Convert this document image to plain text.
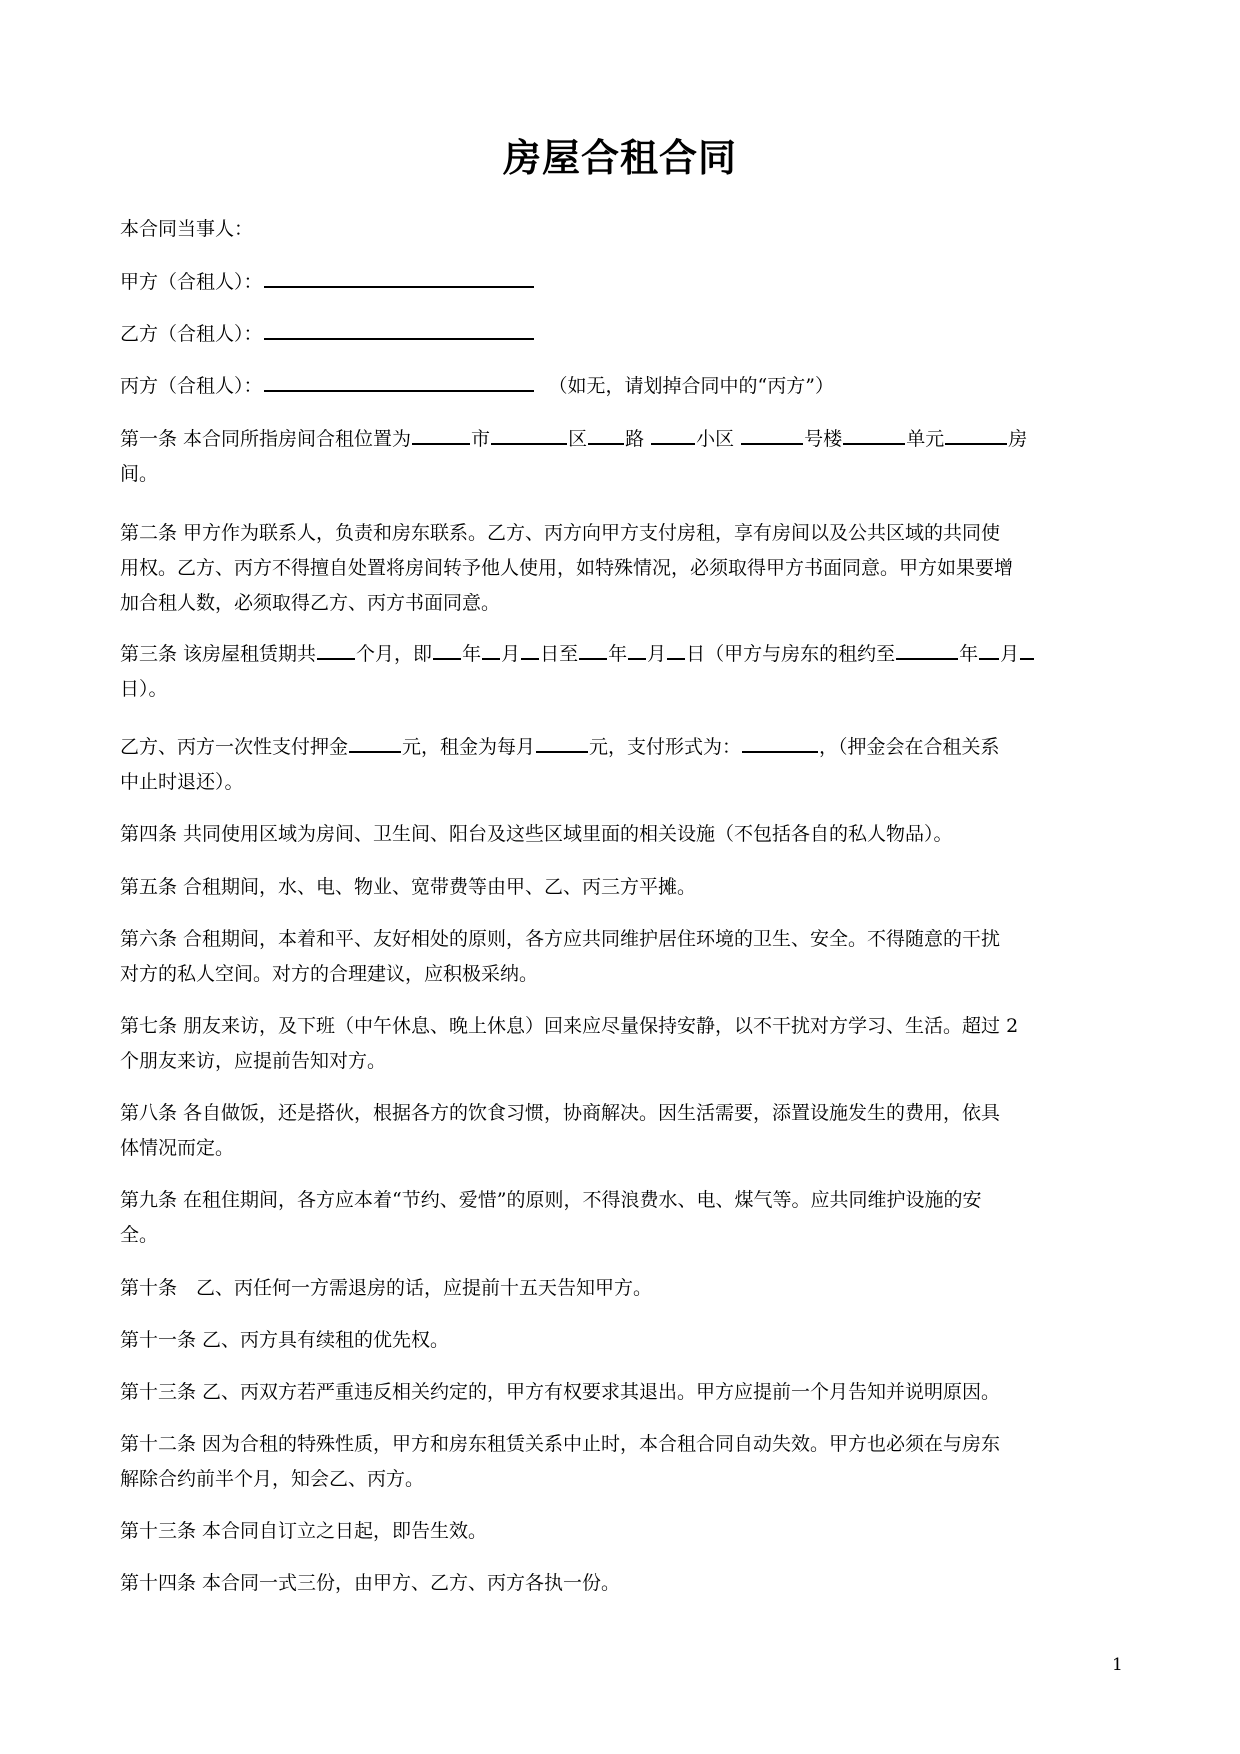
房屋合租合同
本合同当事人：
甲方（合租人）：
乙方（合租人）：
丙方（合租人）：	（如无，请划掉合同中的“丙方”）
第一条 本合同所指房间合租位置为	市	区 路 小区	号楼	单元	房
间。
第二条 甲方作为联系人，负责和房东联系。乙方、丙方向甲方支付房租，享有房间以及公共区域的共同使
用权。乙方、丙方不得擅自处置将房间转予他人使用，如特殊情况，必须取得甲方书面同意。甲方如果要增
加合租人数，必须取得乙方、丙方书面同意。
第三条 该房屋租赁期共 个月，即 年 月 日至 年 月 日（甲方与房东的租约至	年 月
日）。
乙方、丙方一次性支付押金	元，租金为每月	元，支付形式为：	，（押金会在合租关系
中止时退还）。
第四条 共同使用区域为房间、卫生间、阳台及这些区域里面的相关设施（不包括各自的私人物品）。
第五条 合租期间，水、电、物业、宽带费等由甲、乙、丙三方平摊。
第六条 合租期间，本着和平、友好相处的原则，各方应共同维护居住环境的卫生、安全。不得随意的干扰
对方的私人空间。对方的合理建议，应积极采纳。
第七条 朋友来访，及下班（中午休息、晚上休息）回来应尽量保持安静，以不干扰对方学习、生活。超过 2
个朋友来访，应提前告知对方。
第八条 各自做饭，还是搭伙，根据各方的饮食习惯，协商解决。因生活需要，添置设施发生的费用，依具
体情况而定。
第九条 在租住期间，各方应本着“节约、爱惜”的原则，不得浪费水、电、煤气等。应共同维护设施的安
全。
第十条　乙、丙任何一方需退房的话，应提前十五天告知甲方。
第十一条 乙、丙方具有续租的优先权。
第十三条 乙、丙双方若严重违反相关约定的，甲方有权要求其退出。甲方应提前一个月告知并说明原因。
第十二条 因为合租的特殊性质，甲方和房东租赁关系中止时，本合租合同自动失效。甲方也必须在与房东
解除合约前半个月，知会乙、丙方。
第十三条 本合同自订立之日起，即告生效。
第十四条 本合同一式三份，由甲方、乙方、丙方各执一份。
1
